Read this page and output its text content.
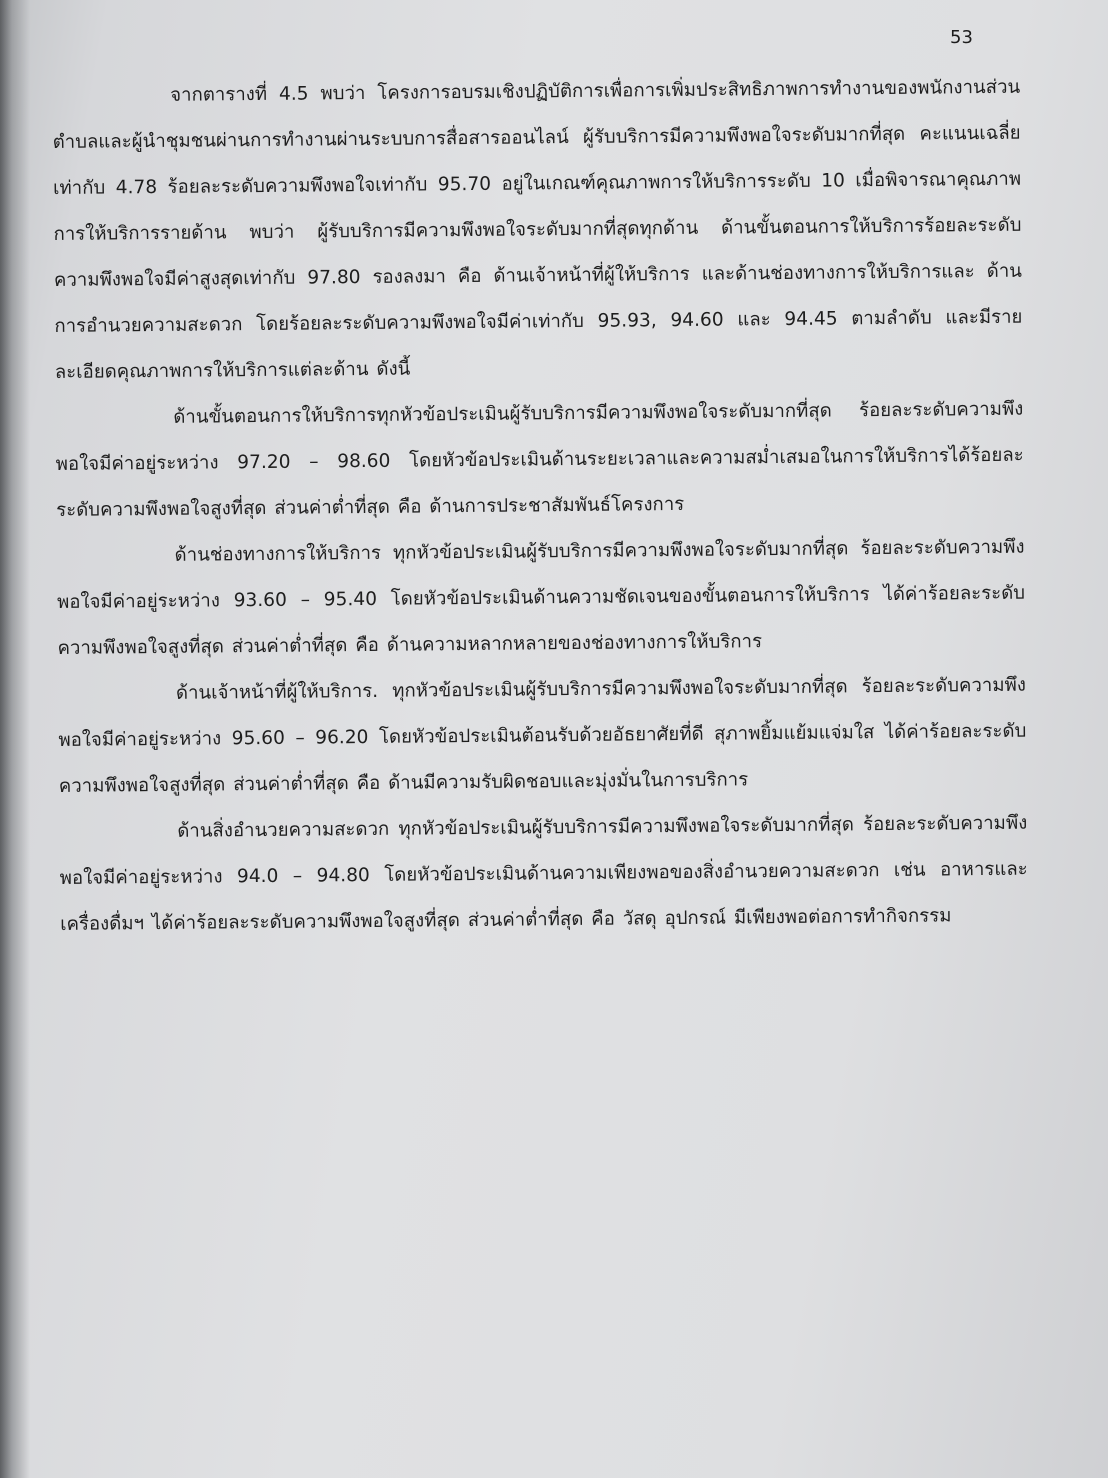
53

จากตารางที่ 4.5 พบว่า โครงการอบรมเชิงปฏิบัติการเพื่อการเพิ่มประสิทธิภาพการทำงานของพนักงานส่วนตำบลและผู้นำชุมชนผ่านการทำงานผ่านระบบการสื่อสารออนไลน์ ผู้รับบริการมีความพึงพอใจระดับมากที่สุด คะแนนเฉลี่ยเท่ากับ 4.78 ร้อยละระดับความพึงพอใจเท่ากับ 95.70 อยู่ในเกณฑ์คุณภาพการให้บริการระดับ 10 เมื่อพิจารณาคุณภาพการให้บริการรายด้าน พบว่า ผู้รับบริการมีความพึงพอใจระดับมากที่สุดทุกด้าน ด้านขั้นตอนการให้บริการร้อยละระดับความพึงพอใจมีค่าสูงสุดเท่ากับ 97.80 รองลงมา คือ ด้านเจ้าหน้าที่ผู้ให้บริการ และด้านช่องทางการให้บริการและ ด้านการอำนวยความสะดวก โดยร้อยละระดับความพึงพอใจมีค่าเท่ากับ 95.93, 94.60 และ 94.45 ตามลำดับ และมีรายละเอียดคุณภาพการให้บริการแต่ละด้าน ดังนี้

ด้านขั้นตอนการให้บริการทุกหัวข้อประเมินผู้รับบริการมีความพึงพอใจระดับมากที่สุด ร้อยละระดับความพึงพอใจมีค่าอยู่ระหว่าง 97.20 – 98.60 โดยหัวข้อประเมินด้านระยะเวลาและความสม่ำเสมอในการให้บริการได้ร้อยละระดับความพึงพอใจสูงที่สุด ส่วนค่าต่ำที่สุด คือ ด้านการประชาสัมพันธ์โครงการ

ด้านช่องทางการให้บริการ ทุกหัวข้อประเมินผู้รับบริการมีความพึงพอใจระดับมากที่สุด ร้อยละระดับความพึงพอใจมีค่าอยู่ระหว่าง 93.60 – 95.40 โดยหัวข้อประเมินด้านความชัดเจนของขั้นตอนการให้บริการ ได้ค่าร้อยละระดับความพึงพอใจสูงที่สุด ส่วนค่าต่ำที่สุด คือ ด้านความหลากหลายของช่องทางการให้บริการ

ด้านเจ้าหน้าที่ผู้ให้บริการ. ทุกหัวข้อประเมินผู้รับบริการมีความพึงพอใจระดับมากที่สุด ร้อยละระดับความพึงพอใจมีค่าอยู่ระหว่าง 95.60 – 96.20 โดยหัวข้อประเมินต้อนรับด้วยอัธยาศัยที่ดี สุภาพยิ้มแย้มแจ่มใส ได้ค่าร้อยละระดับความพึงพอใจสูงที่สุด ส่วนค่าต่ำที่สุด คือ ด้านมีความรับผิดชอบและมุ่งมั่นในการบริการ

ด้านสิ่งอำนวยความสะดวก ทุกหัวข้อประเมินผู้รับบริการมีความพึงพอใจระดับมากที่สุด ร้อยละระดับความพึงพอใจมีค่าอยู่ระหว่าง 94.0 – 94.80 โดยหัวข้อประเมินด้านความเพียงพอของสิ่งอำนวยความสะดวก เช่น อาหารและเครื่องดื่มฯ ได้ค่าร้อยละระดับความพึงพอใจสูงที่สุด ส่วนค่าต่ำที่สุด คือ วัสดุ อุปกรณ์ มีเพียงพอต่อการทำกิจกรรม
